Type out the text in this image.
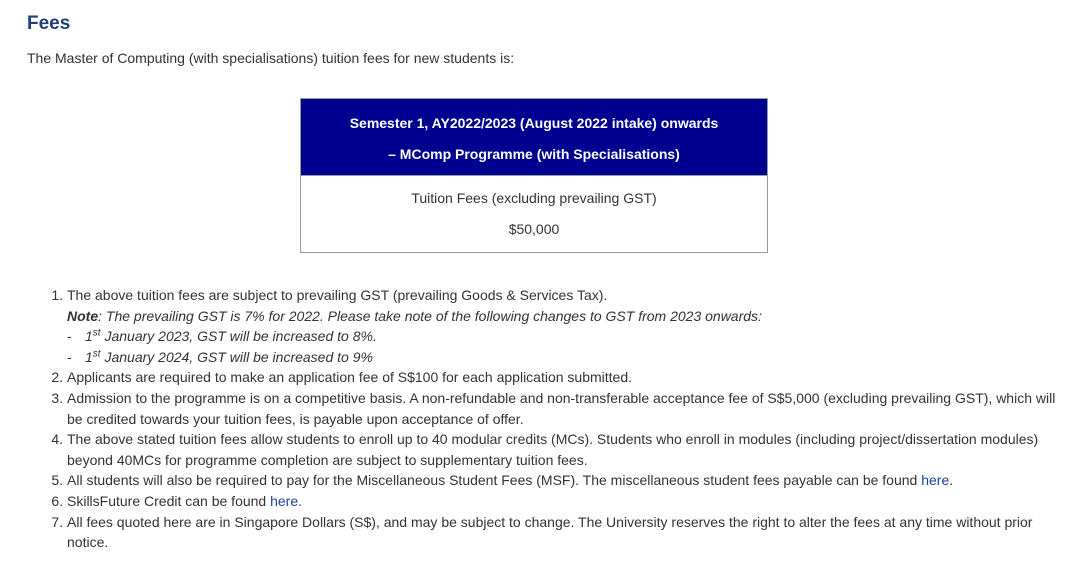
Fees

The Master of Computing (with specialisations) tuition fees for new students is:

Semester 1, AY2022/2023 (August 2022 intake) onwards
– MComp Programme (with Specialisations)
Tuition Fees (excluding prevailing GST)
$50,000
1. The above tuition fees are subject to prevailing GST (prevailing Goods & Services Tax).
Note: The prevailing GST is 7% for 2022. Please take note of the following changes to GST from 2023 onwards:
- 1st January 2023, GST will be increased to 8%.
- 1st January 2024, GST will be increased to 9%
2. Applicants are required to make an application fee of S$100 for each application submitted.
3. Admission to the programme is on a competitive basis. A non-refundable and non-transferable acceptance fee of S$5,000 (excluding prevailing GST), which will be credited towards your tuition fees, is payable upon acceptance of offer.
4. The above stated tuition fees allow students to enroll up to 40 modular credits (MCs). Students who enroll in modules (including project/dissertation modules) beyond 40MCs for programme completion are subject to supplementary tuition fees.
5. All students will also be required to pay for the Miscellaneous Student Fees (MSF). The miscellaneous student fees payable can be found here.
6. SkillsFuture Credit can be found here.
7. All fees quoted here are in Singapore Dollars (S$), and may be subject to change. The University reserves the right to alter the fees at any time without prior notice.
